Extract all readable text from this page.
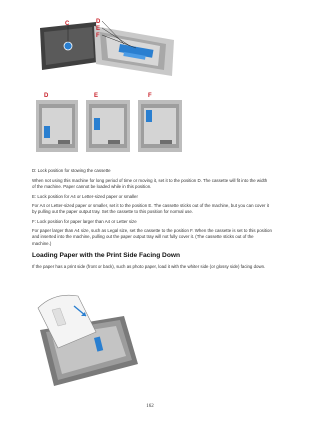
C	D
E
F
D	E	F

D: Lock position for stowing the cassette

When not using this machine for long period of time or moving it, set it to the position D. The cassette will fit into the width of the machine. Paper cannot be loaded while in this position.

E: Lock position for A4 or Letter-sized paper or smaller

For A4 or Letter-sized paper or smaller, set it to the position E. The cassette sticks out of the machine, but you can cover it by pulling out the paper output tray. Set the cassette to this position for normal use.

F: Lock position for paper larger than A4 or Letter size

For paper larger than A4 size, such as Legal size, set the cassette to the position F. When the cassette is set to this position and inserted into the machine, pulling out the paper output tray will not fully cover it. (The cassette sticks out of the machine.)

Loading Paper with the Print Side Facing Down

If the paper has a print side (front or back), such as photo paper, load it with the whiter side (or glossy side) facing down.

162
